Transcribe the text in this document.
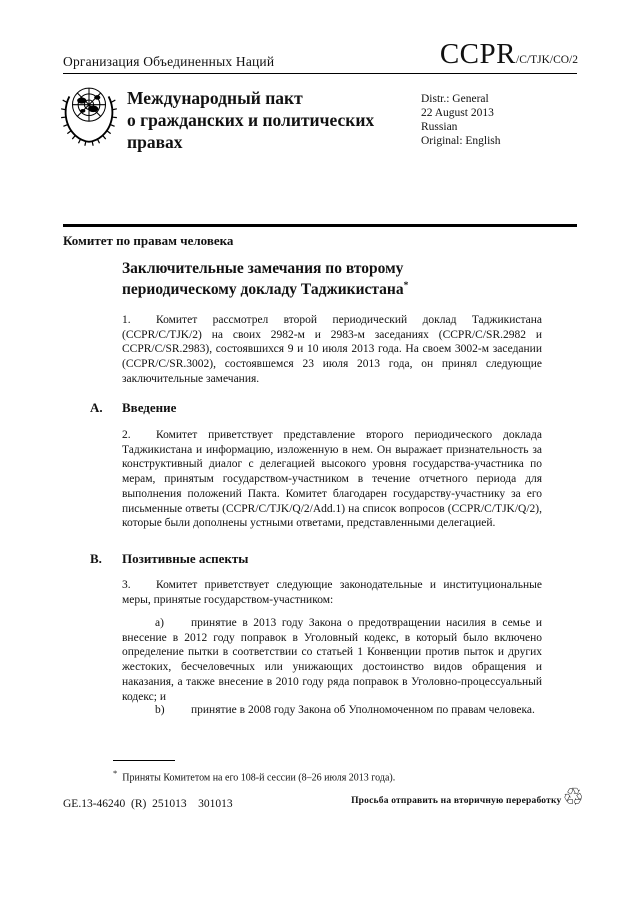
Организация Объединенных Наций	CCPR/C/TJK/CO/2
Международный пакт
о гражданских и политических
правах
Distr.: General
22 August 2013
Russian
Original: English
Комитет по правам человека
Заключительные замечания по второму периодическому докладу Таджикистана*

1. Комитет рассмотрел второй периодический доклад Таджикистана (CCPR/C/TJK/2) на своих 2982-м и 2983-м заседаниях (CCPR/C/SR.2982 и CCPR/C/SR.2983), состоявшихся 9 и 10 июля 2013 года. На своем 3002-м заседании (CCPR/C/SR.3002), состоявшемся 23 июля 2013 года, он принял следующие заключительные замечания.

A. Введение

2. Комитет приветствует представление второго периодического доклада Таджикистана и информацию, изложенную в нем. Он выражает признательность за конструктивный диалог с делегацией высокого уровня государства-участника по мерам, принятым государством-участником в течение отчетного периода для выполнения положений Пакта. Комитет благодарен государству-участнику за его письменные ответы (CCPR/C/TJK/Q/2/Add.1) на список вопросов (CCPR/C/TJK/Q/2), которые были дополнены устными ответами, представленными делегацией.

B. Позитивные аспекты

3. Комитет приветствует следующие законодательные и институциональные меры, принятые государством-участником:

a) принятие в 2013 году Закона о предотвращении насилия в семье и внесение в 2012 году поправок в Уголовный кодекс, в который было включено определение пытки в соответствии со статьей 1 Конвенции против пыток и других жестоких, бесчеловечных или унижающих достоинство видов обращения и наказания, а также внесение в 2010 году ряда поправок в Уголовно-процессуальный кодекс; и

b) принятие в 2008 году Закона об Уполномоченном по правам человека.

* Приняты Комитетом на его 108-й сессии (8–26 июля 2013 года).
GE.13-46240  (R)  251013    301013	Просьба отправить на вторичную переработку ♲
